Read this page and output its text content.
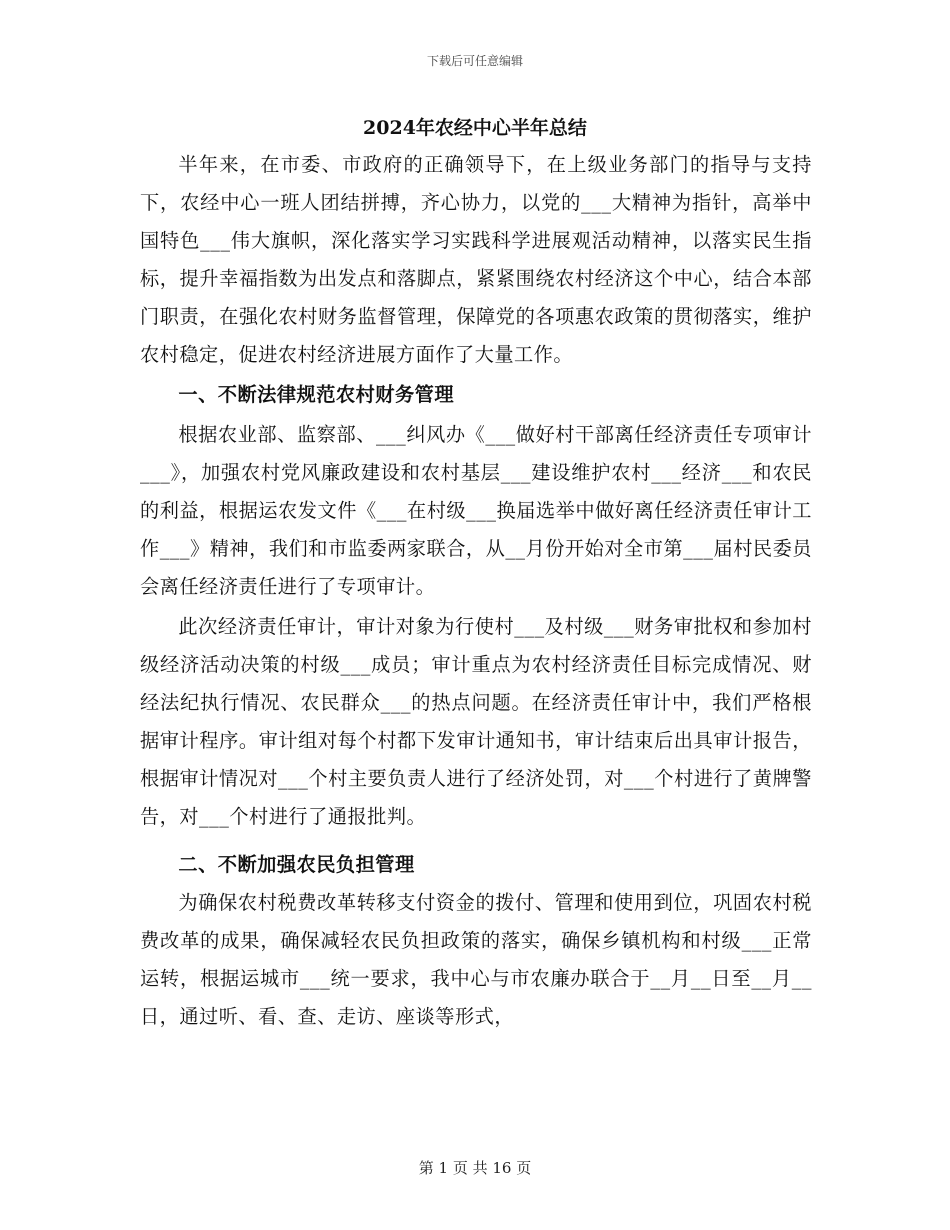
下载后可任意编辑
2024年农经中心半年总结

半年来，在市委、市政府的正确领导下，在上级业务部门的指导与支持下，农经中心一班人团结拼搏，齐心协力，以党的___大精神为指针，高举中国特色___伟大旗帜，深化落实学习实践科学进展观活动精神，以落实民生指标，提升幸福指数为出发点和落脚点，紧紧围绕农村经济这个中心，结合本部门职责，在强化农村财务监督管理，保障党的各项惠农政策的贯彻落实，维护农村稳定，促进农村经济进展方面作了大量工作。

一、不断法律规范农村财务管理

根据农业部、监察部、___纠风办《___做好村干部离任经济责任专项审计___》，加强农村党风廉政建设和农村基层___建设维护农村___经济___和农民的利益，根据运农发文件《___在村级___换届选举中做好离任经济责任审计工作___》精神，我们和市监委两家联合，从__月份开始对全市第___届村民委员会离任经济责任进行了专项审计。

此次经济责任审计，审计对象为行使村___及村级___财务审批权和参加村级经济活动决策的村级___成员；审计重点为农村经济责任目标完成情况、财经法纪执行情况、农民群众___的热点问题。在经济责任审计中，我们严格根据审计程序。审计组对每个村都下发审计通知书，审计结束后出具审计报告，根据审计情况对___个村主要负责人进行了经济处罚，对___个村进行了黄牌警告，对___个村进行了通报批判。

二、不断加强农民负担管理

为确保农村税费改革转移支付资金的拨付、管理和使用到位，巩固农村税费改革的成果，确保减轻农民负担政策的落实，确保乡镇机构和村级___正常运转，根据运城市___统一要求，我中心与市农廉办联合于__月__日至__月__日，通过听、看、查、走访、座谈等形式，

第 1 页 共 16 页
